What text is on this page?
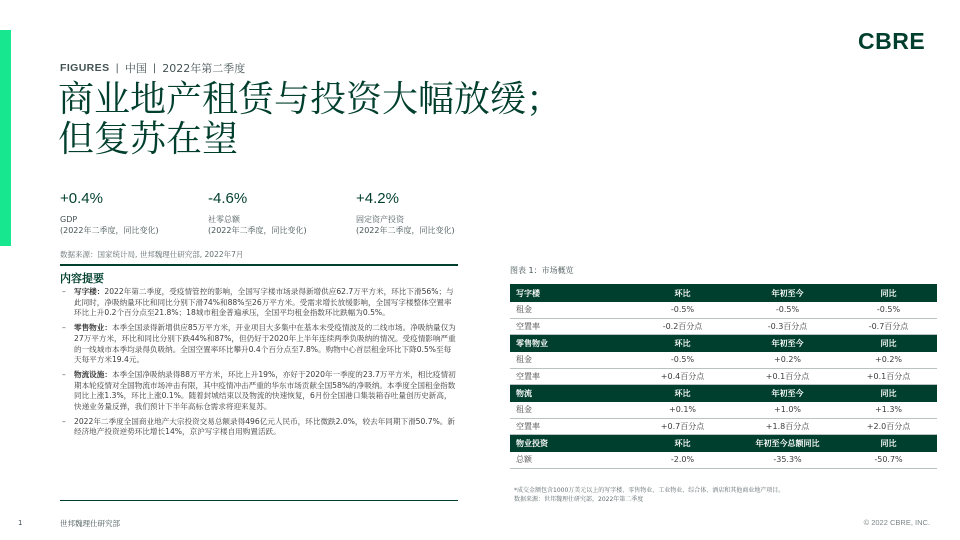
CBRE
FIGURES | 中国 | 2022年第二季度
商业地产租赁与投资大幅放缓；
但复苏在望
+0.4%
GDP
(2022年二季度，同比变化)
-4.6%
社零总额
(2022年二季度，同比变化)
+4.2%
固定资产投资
(2022年二季度，同比变化)
数据来源：国家统计局, 世邦魏理仕研究部, 2022年7月
内容提要
– 写字楼：2022年第二季度，受疫情管控的影响，全国写字楼市场录得新增供应62.7万平方米，环比下滑56%；与此同时，净吸纳量环比和同比分别下滑74%和88%至26万平方米。受需求增长放缓影响，全国写字楼整体空置率环比上升0.2个百分点至21.8%；18城市租金普遍承压，全国平均租金指数环比跌幅为0.5%。
– 零售物业：本季全国录得新增供应85万平方米，开业项目大多集中在基本未受疫情波及的二线市场。净吸纳量仅为27万平方米，环比和同比分别下跌44%和87%，但仍好于2020年上半年连续两季负吸纳的情况。受疫情影响严重的一线城市本季均录得负吸纳。全国空置率环比攀升0.4个百分点至7.8%。购物中心首层租金环比下降0.5%至每天每平方米19.4元。
– 物流设施：本季全国净吸纳录得88万平方米，环比上升19%，亦好于2020年一季度的23.7万平方米，相比疫情初期本轮疫情对全国物流市场冲击有限，其中疫情冲击严重的华东市场贡献全国58%的净吸纳。本季度全国租金指数同比上涨1.3%，环比上涨0.1%。随着封城结束以及物流的快速恢复，6月份全国港口集装箱吞吐量创历史新高，快递业务量反弹，我们预计下半年高标仓需求将迎来复苏。
– 2022年二季度全国商业地产大宗投资交易总额录得496亿元人民币，环比微跌2.0%，较去年同期下滑50.7%。新经济地产投资逆势环比增长14%，京沪写字楼自用购置活跃。
1	世邦魏理仕研究部	© 2022 CBRE, INC.
图表 1：市场概览
写字楼	环比	年初至今	同比
租金	-0.5%	-0.5%	-0.5%
空置率	-0.2百分点	-0.3百分点	-0.7百分点
零售物业	环比	年初至今	同比
租金	-0.5%	+0.2%	+0.2%
空置率	+0.4百分点	+0.1百分点	+0.1百分点
物流	环比	年初至今	同比
租金	+0.1%	+1.0%	+1.3%
空置率	+0.7百分点	+1.8百分点	+2.0百分点
物业投资	环比	年初至今总额同比	同比
总额	-2.0%	-35.3%	-50.7%
*成交金额包含1000万美元以上的写字楼、零售物业、工业物业、综合体、酒店和其他商业地产项目。
数据来源：世邦魏理仕研究部，2022年第二季度
